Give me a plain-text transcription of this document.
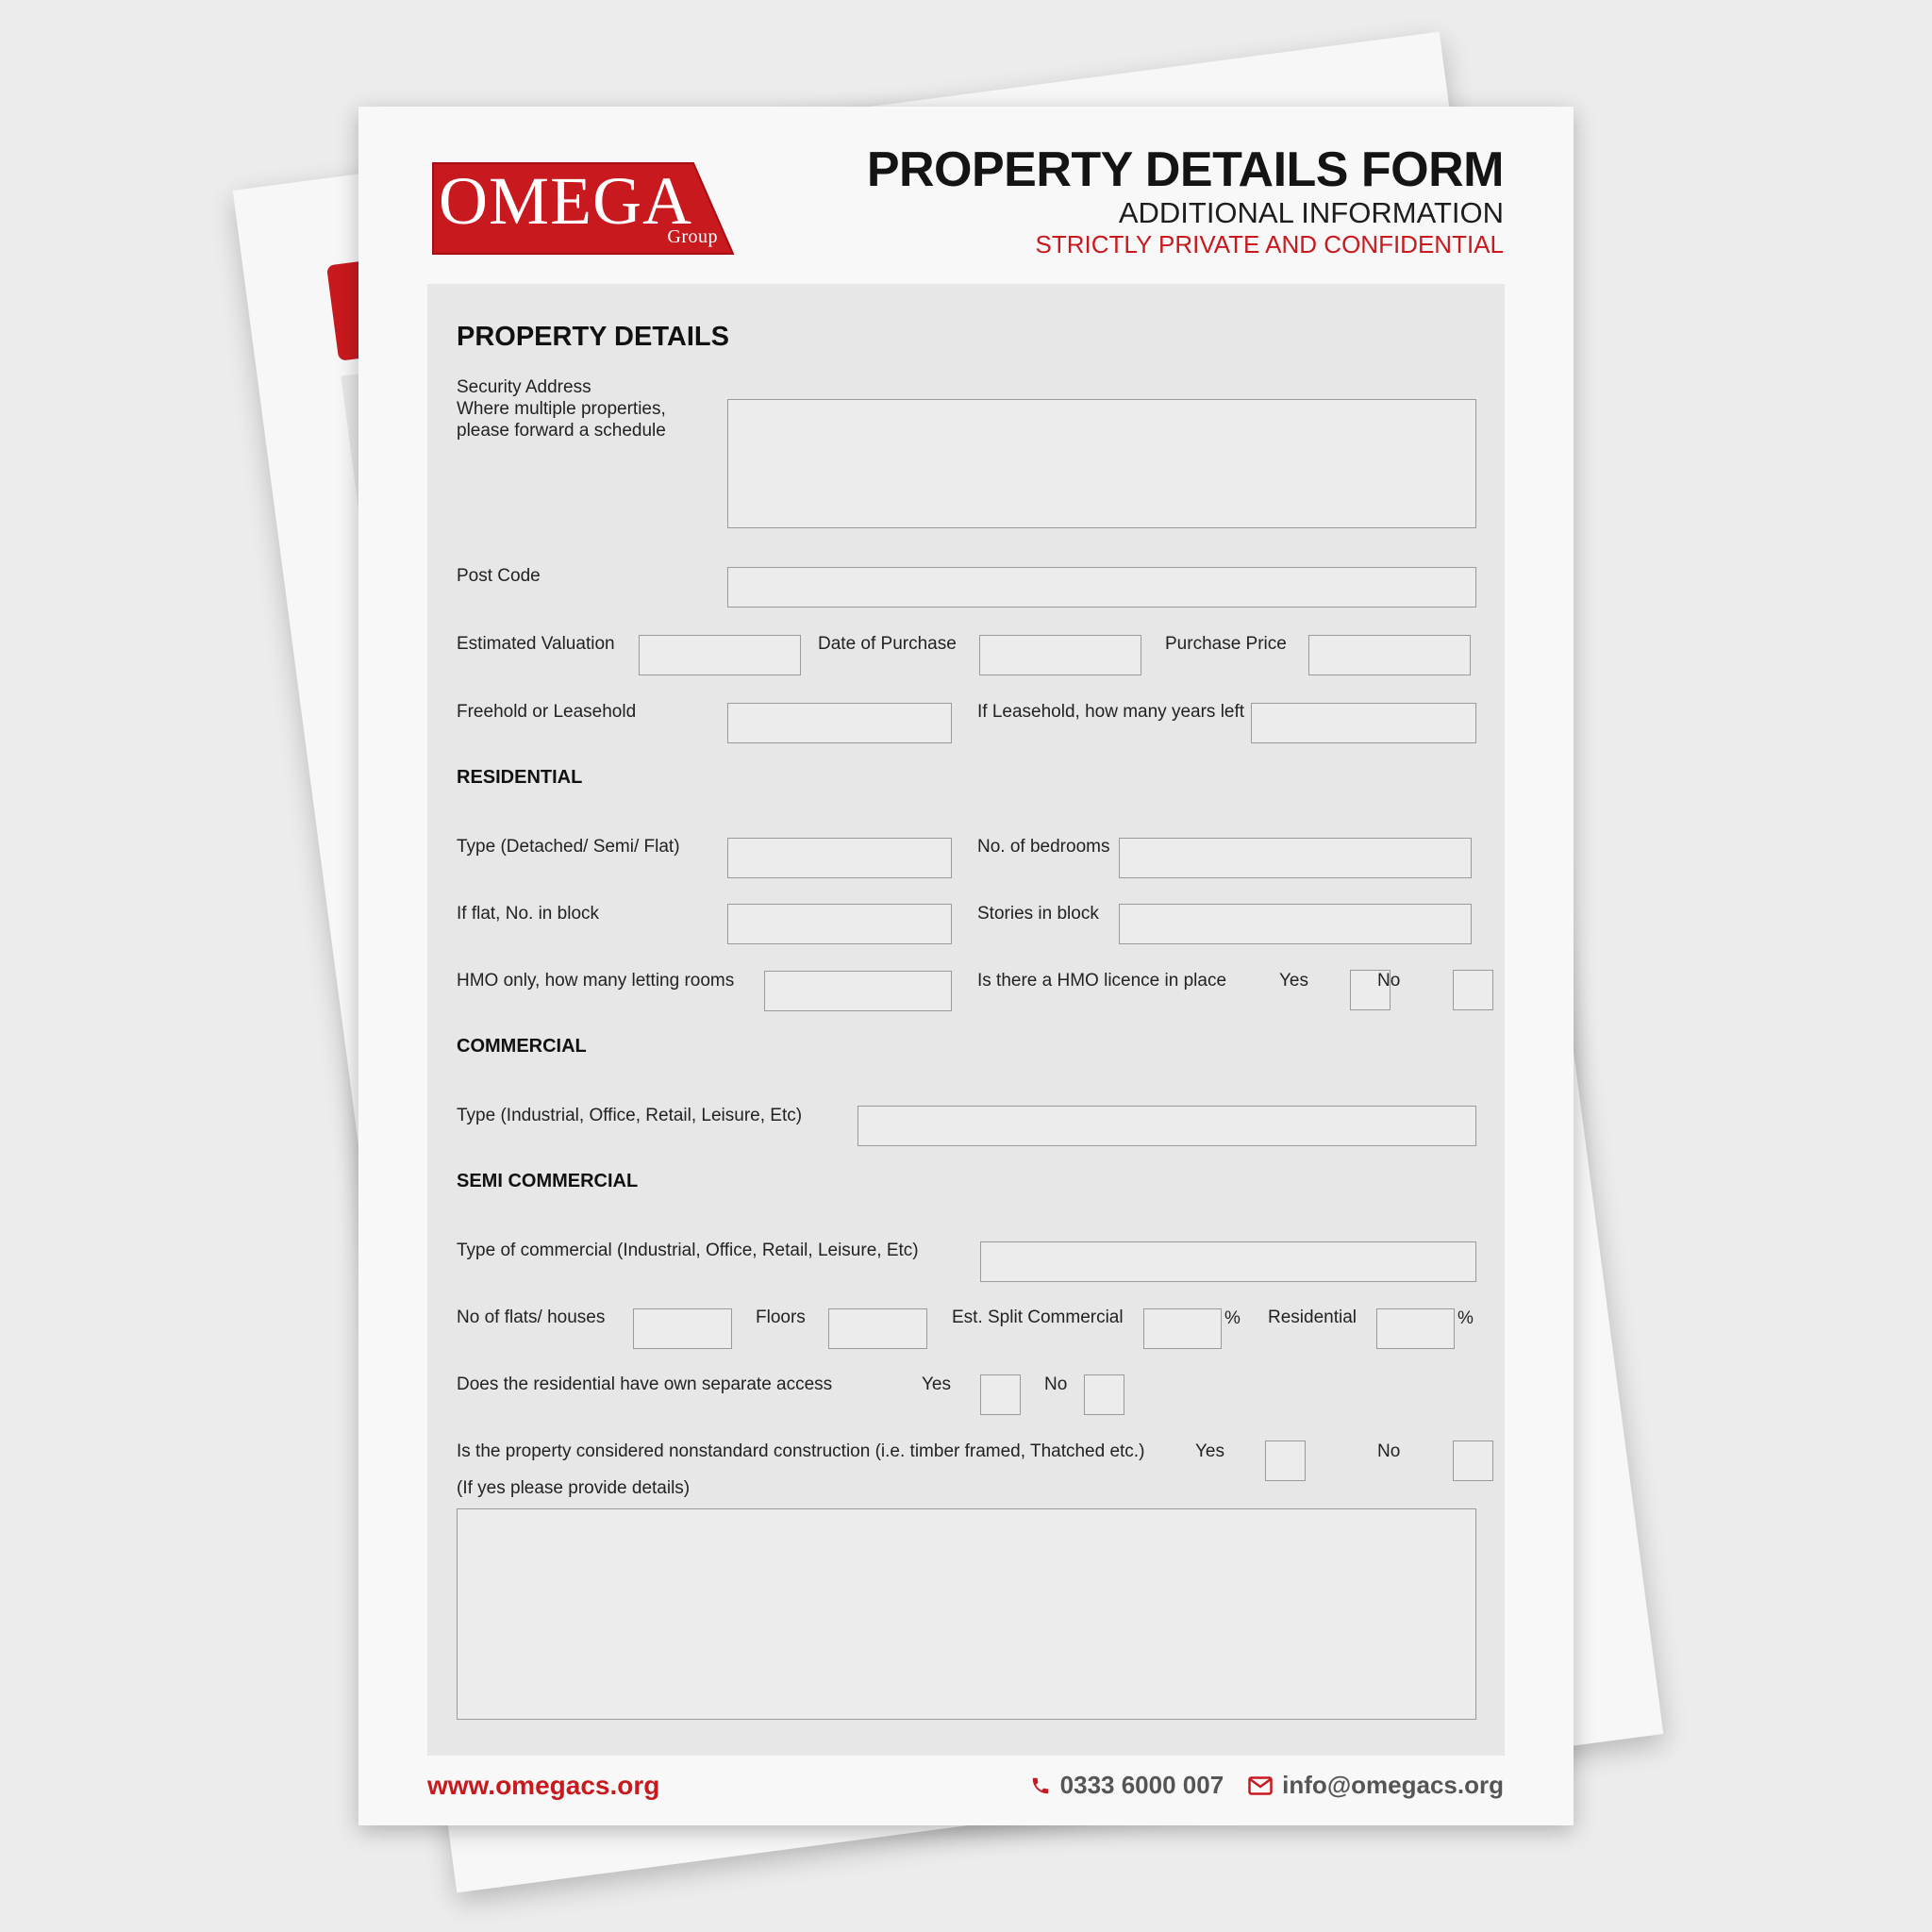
OMEGA
Group
PROPERTY DETAILS FORM
ADDITIONAL INFORMATION
STRICTLY PRIVATE AND CONFIDENTIAL
PROPERTY DETAILS
Security Address
Where multiple properties,
please forward a schedule
Post Code
Estimated Valuation	Date of Purchase	Purchase Price
Freehold or Leasehold	If Leasehold, how many years left
RESIDENTIAL
Type (Detached/ Semi/ Flat)	No. of bedrooms
If flat, No. in block	Stories in block
HMO only, how many letting rooms	Is there a HMO licence in place	Yes	No
COMMERCIAL
Type (Industrial, Office, Retail, Leisure, Etc)
SEMI COMMERCIAL
Type of commercial (Industrial, Office, Retail, Leisure, Etc)
No of flats/ houses	Floors	Est. Split Commercial	% Residential	%
Does the residential have own separate access	Yes	No
Is the property considered nonstandard construction (i.e. timber framed, Thatched etc.)	Yes	No
(If yes please provide details)
www.omegacs.org	0333 6000 007 info@omegacs.org
